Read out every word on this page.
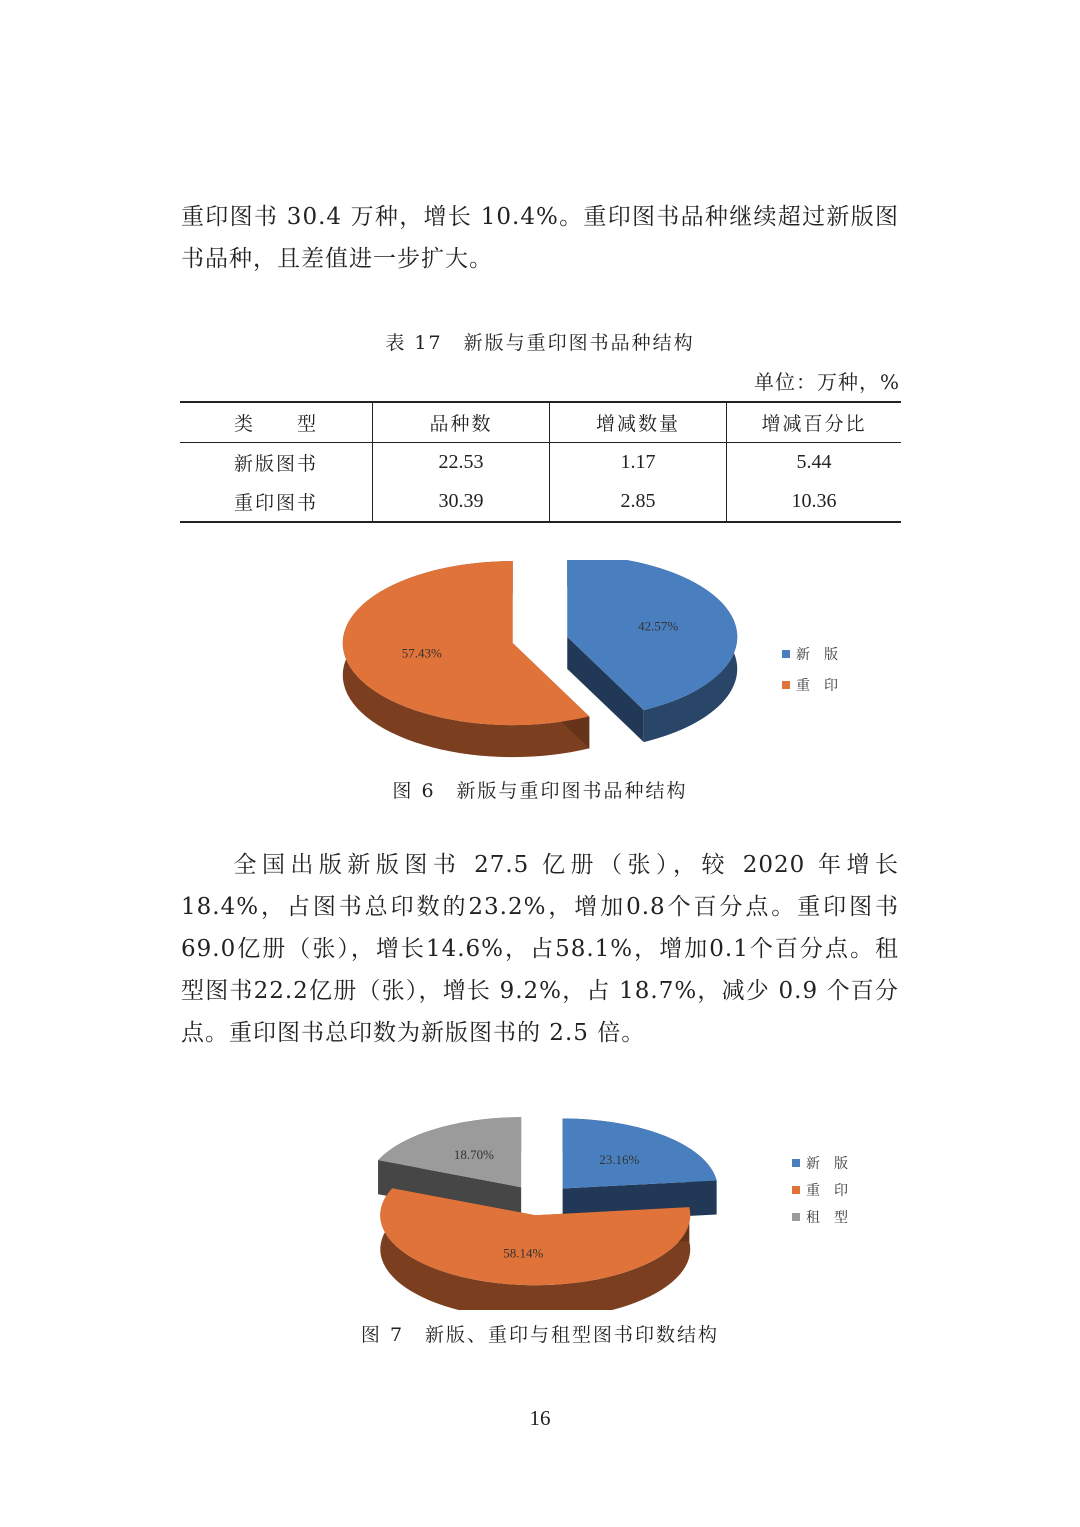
重印图书 30.4 万种，增长 10.4%。重印图书品种继续超过新版图书品种，且差值进一步扩大。

表 17　新版与重印图书品种结构
单位：万种，%
类　　型	品种数	增减数量	增减百分比
新版图书	22.53	1.17	5.44
重印图书	30.39	2.85	10.36
42.57%
57.43%	新　版
重　印
图 6　新版与重印图书品种结构

全国出版新版图书 27.5 亿册（张），较 2020 年增长 18.4%，占图书总印数的23.2%，增加0.8个百分点。重印图书69.0亿册（张），增长14.6%，占58.1%，增加0.1个百分点。租型图书22.2亿册（张），增长 9.2%，占 18.7%，减少 0.9 个百分点。重印图书总印数为新版图书的 2.5 倍。

23.16%
58.14%
18.70%
新　版
重　印
租　型
图 7　新版、重印与租型图书印数结构
16
